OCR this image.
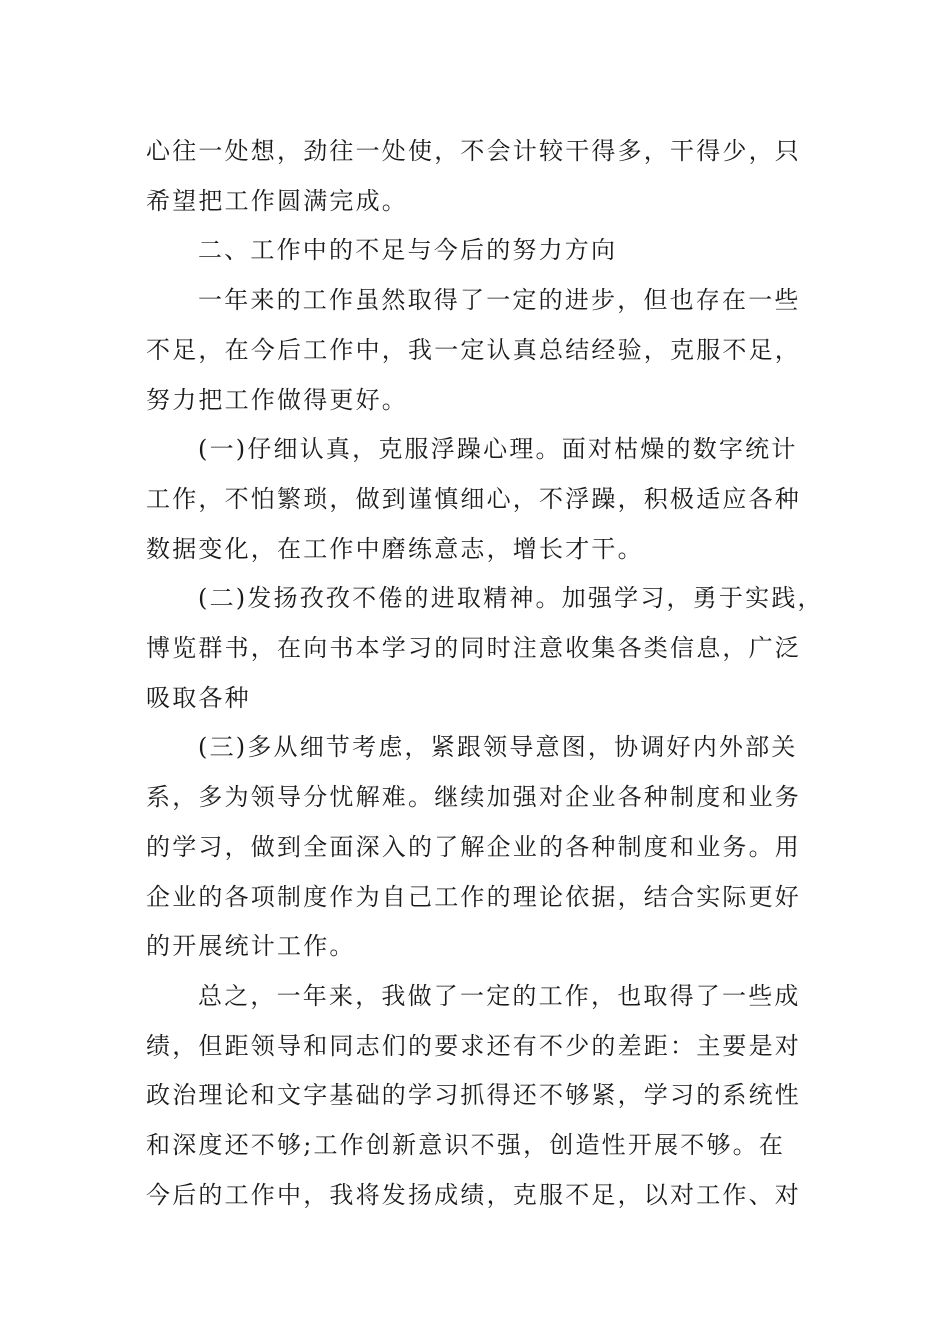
心往一处想，劲往一处使，不会计较干得多，干得少，只
希望把工作圆满完成。
二、工作中的不足与今后的努力方向
一年来的工作虽然取得了一定的进步，但也存在一些
不足，在今后工作中，我一定认真总结经验，克服不足，
努力把工作做得更好。
(一)仔细认真，克服浮躁心理。面对枯燥的数字统计
工作，不怕繁琐，做到谨慎细心，不浮躁，积极适应各种
数据变化，在工作中磨练意志，增长才干。
(二)发扬孜孜不倦的进取精神。加强学习，勇于实践，
博览群书，在向书本学习的同时注意收集各类信息，广泛
吸取各种
(三)多从细节考虑，紧跟领导意图，协调好内外部关
系，多为领导分忧解难。继续加强对企业各种制度和业务
的学习，做到全面深入的了解企业的各种制度和业务。用
企业的各项制度作为自己工作的理论依据，结合实际更好
的开展统计工作。
总之，一年来，我做了一定的工作，也取得了一些成
绩，但距领导和同志们的要求还有不少的差距：主要是对
政治理论和文字基础的学习抓得还不够紧，学习的系统性
和深度还不够;工作创新意识不强，创造性开展不够。在
今后的工作中，我将发扬成绩，克服不足，以对工作、对
